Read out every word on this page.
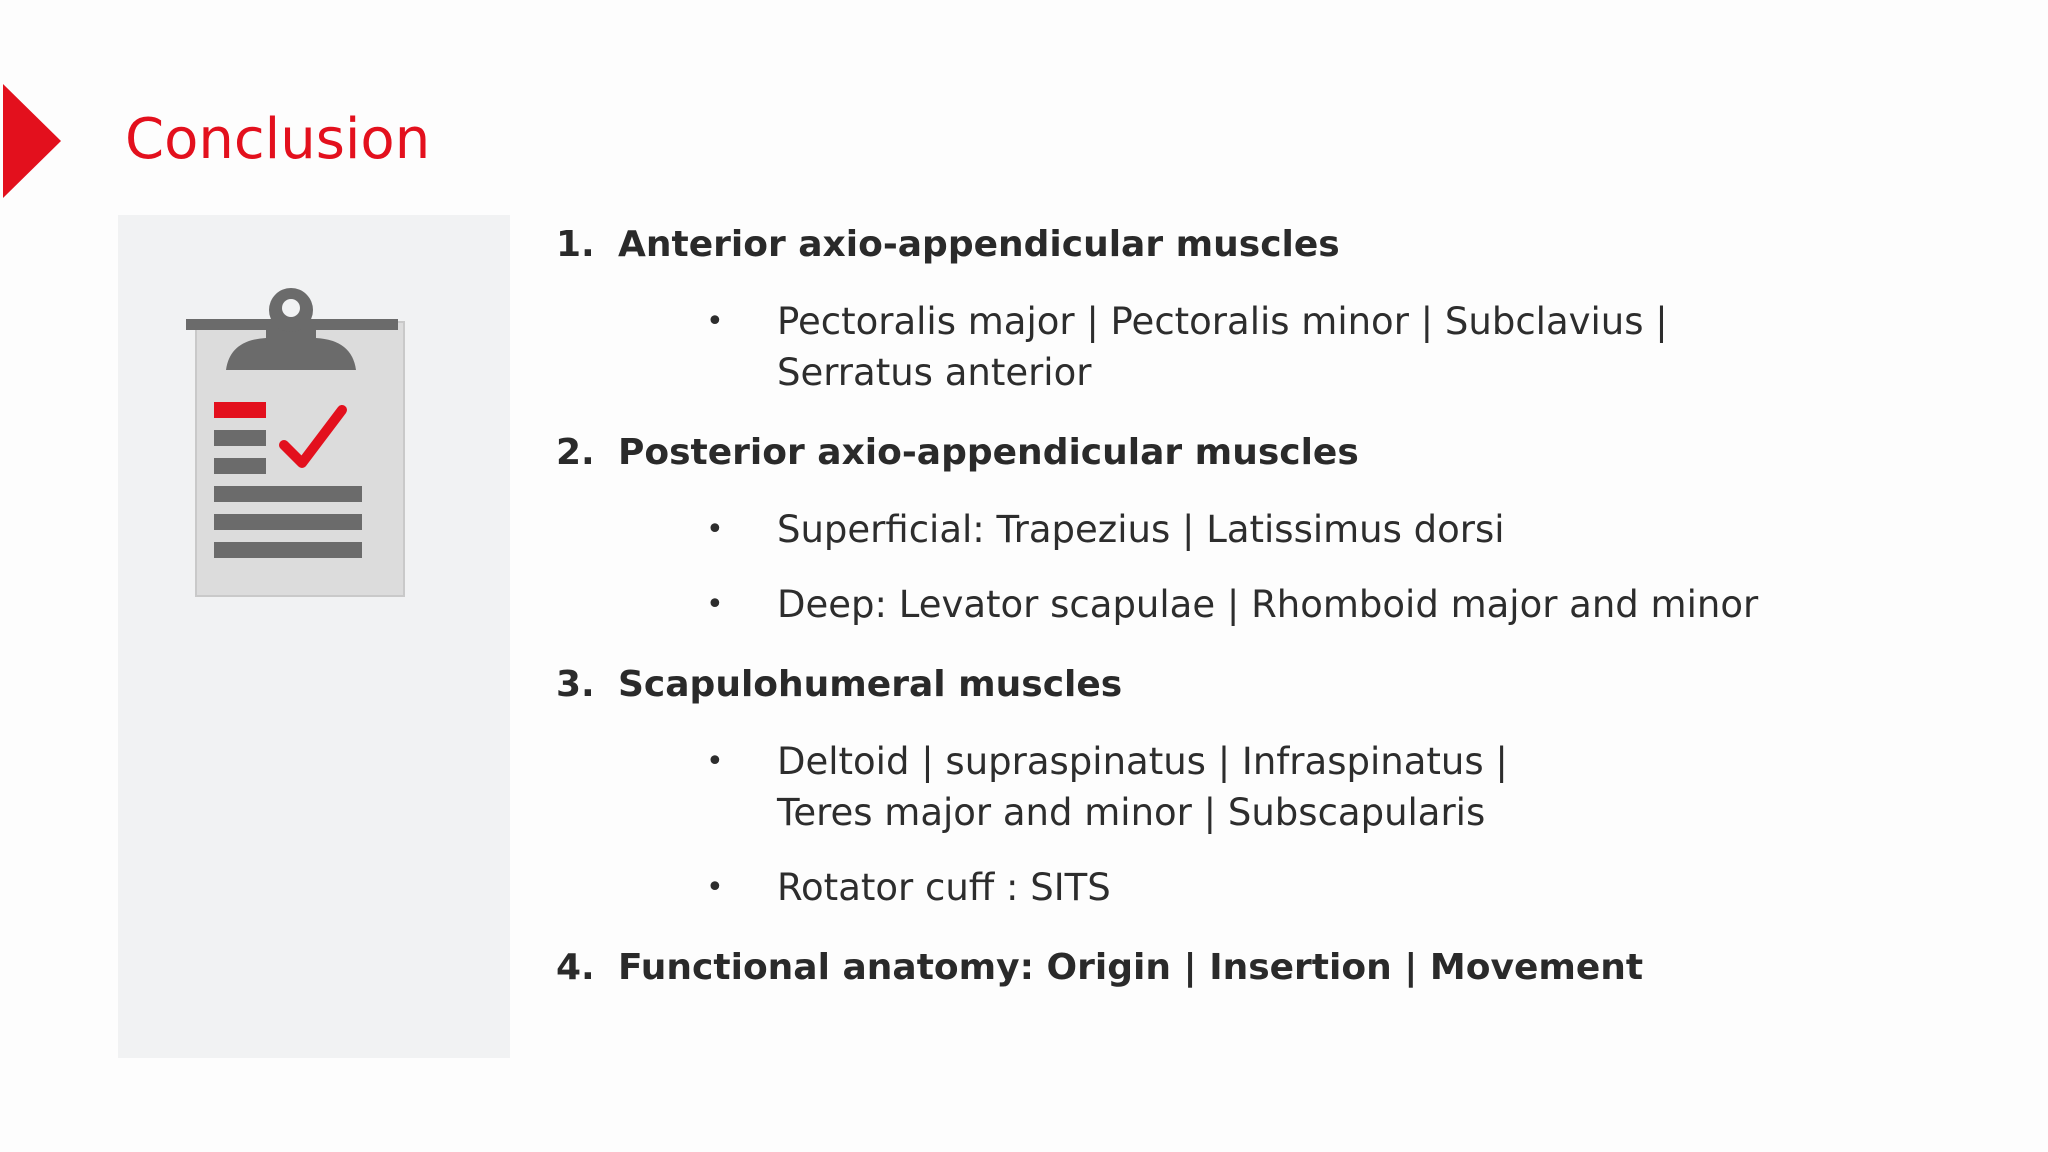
Conclusion
1. Anterior axio-appendicular muscles
• Pectoralis major | Pectoralis minor | Subclavius |
Serratus anterior
2. Posterior axio-appendicular muscles
• Superficial: Trapezius | Latissimus dorsi
• Deep: Levator scapulae | Rhomboid major and minor
3. Scapulohumeral muscles
• Deltoid | supraspinatus | Infraspinatus |
Teres major and minor | Subscapularis
• Rotator cuff : SITS
4. Functional anatomy: Origin | Insertion | Movement
